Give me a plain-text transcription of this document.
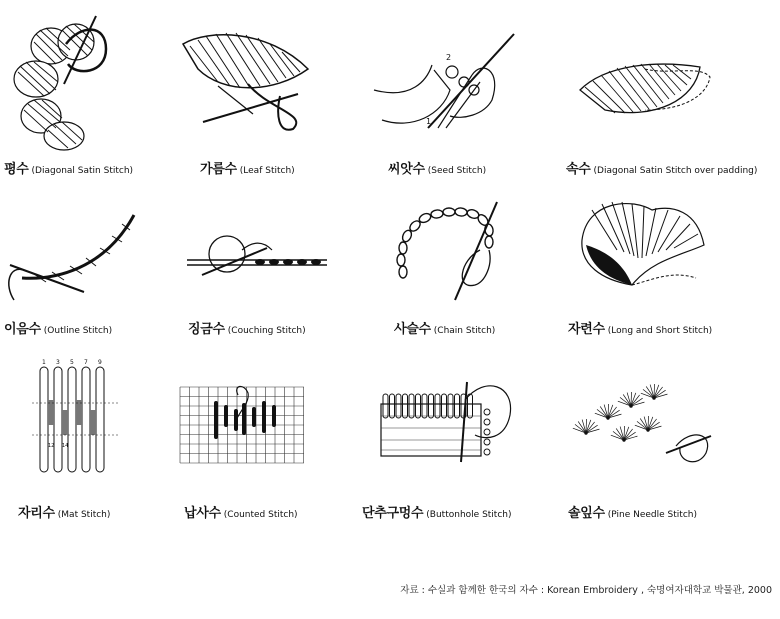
평수 (Diagonal Satin Stitch)	가름수 (Leaf Stitch)
2
1
씨앗수 (Seed Stitch)	속수 (Diagonal Satin Stitch over padding)
이음수 (Outline Stitch)	징금수 (Couching Stitch)	사슬수 (Chain Stitch)	자련수 (Long and Short Stitch)
1 3 5 7 9
12 14
자리수 (Mat Stitch)	납사수 (Counted Stitch)	단추구멍수 (Buttonhole Stitch)	솔잎수 (Pine Needle Stitch)
자료 : 수실과 함께한 한국의 자수 : Korean Embroidery , 숙명여자대학교 박물관, 2000
